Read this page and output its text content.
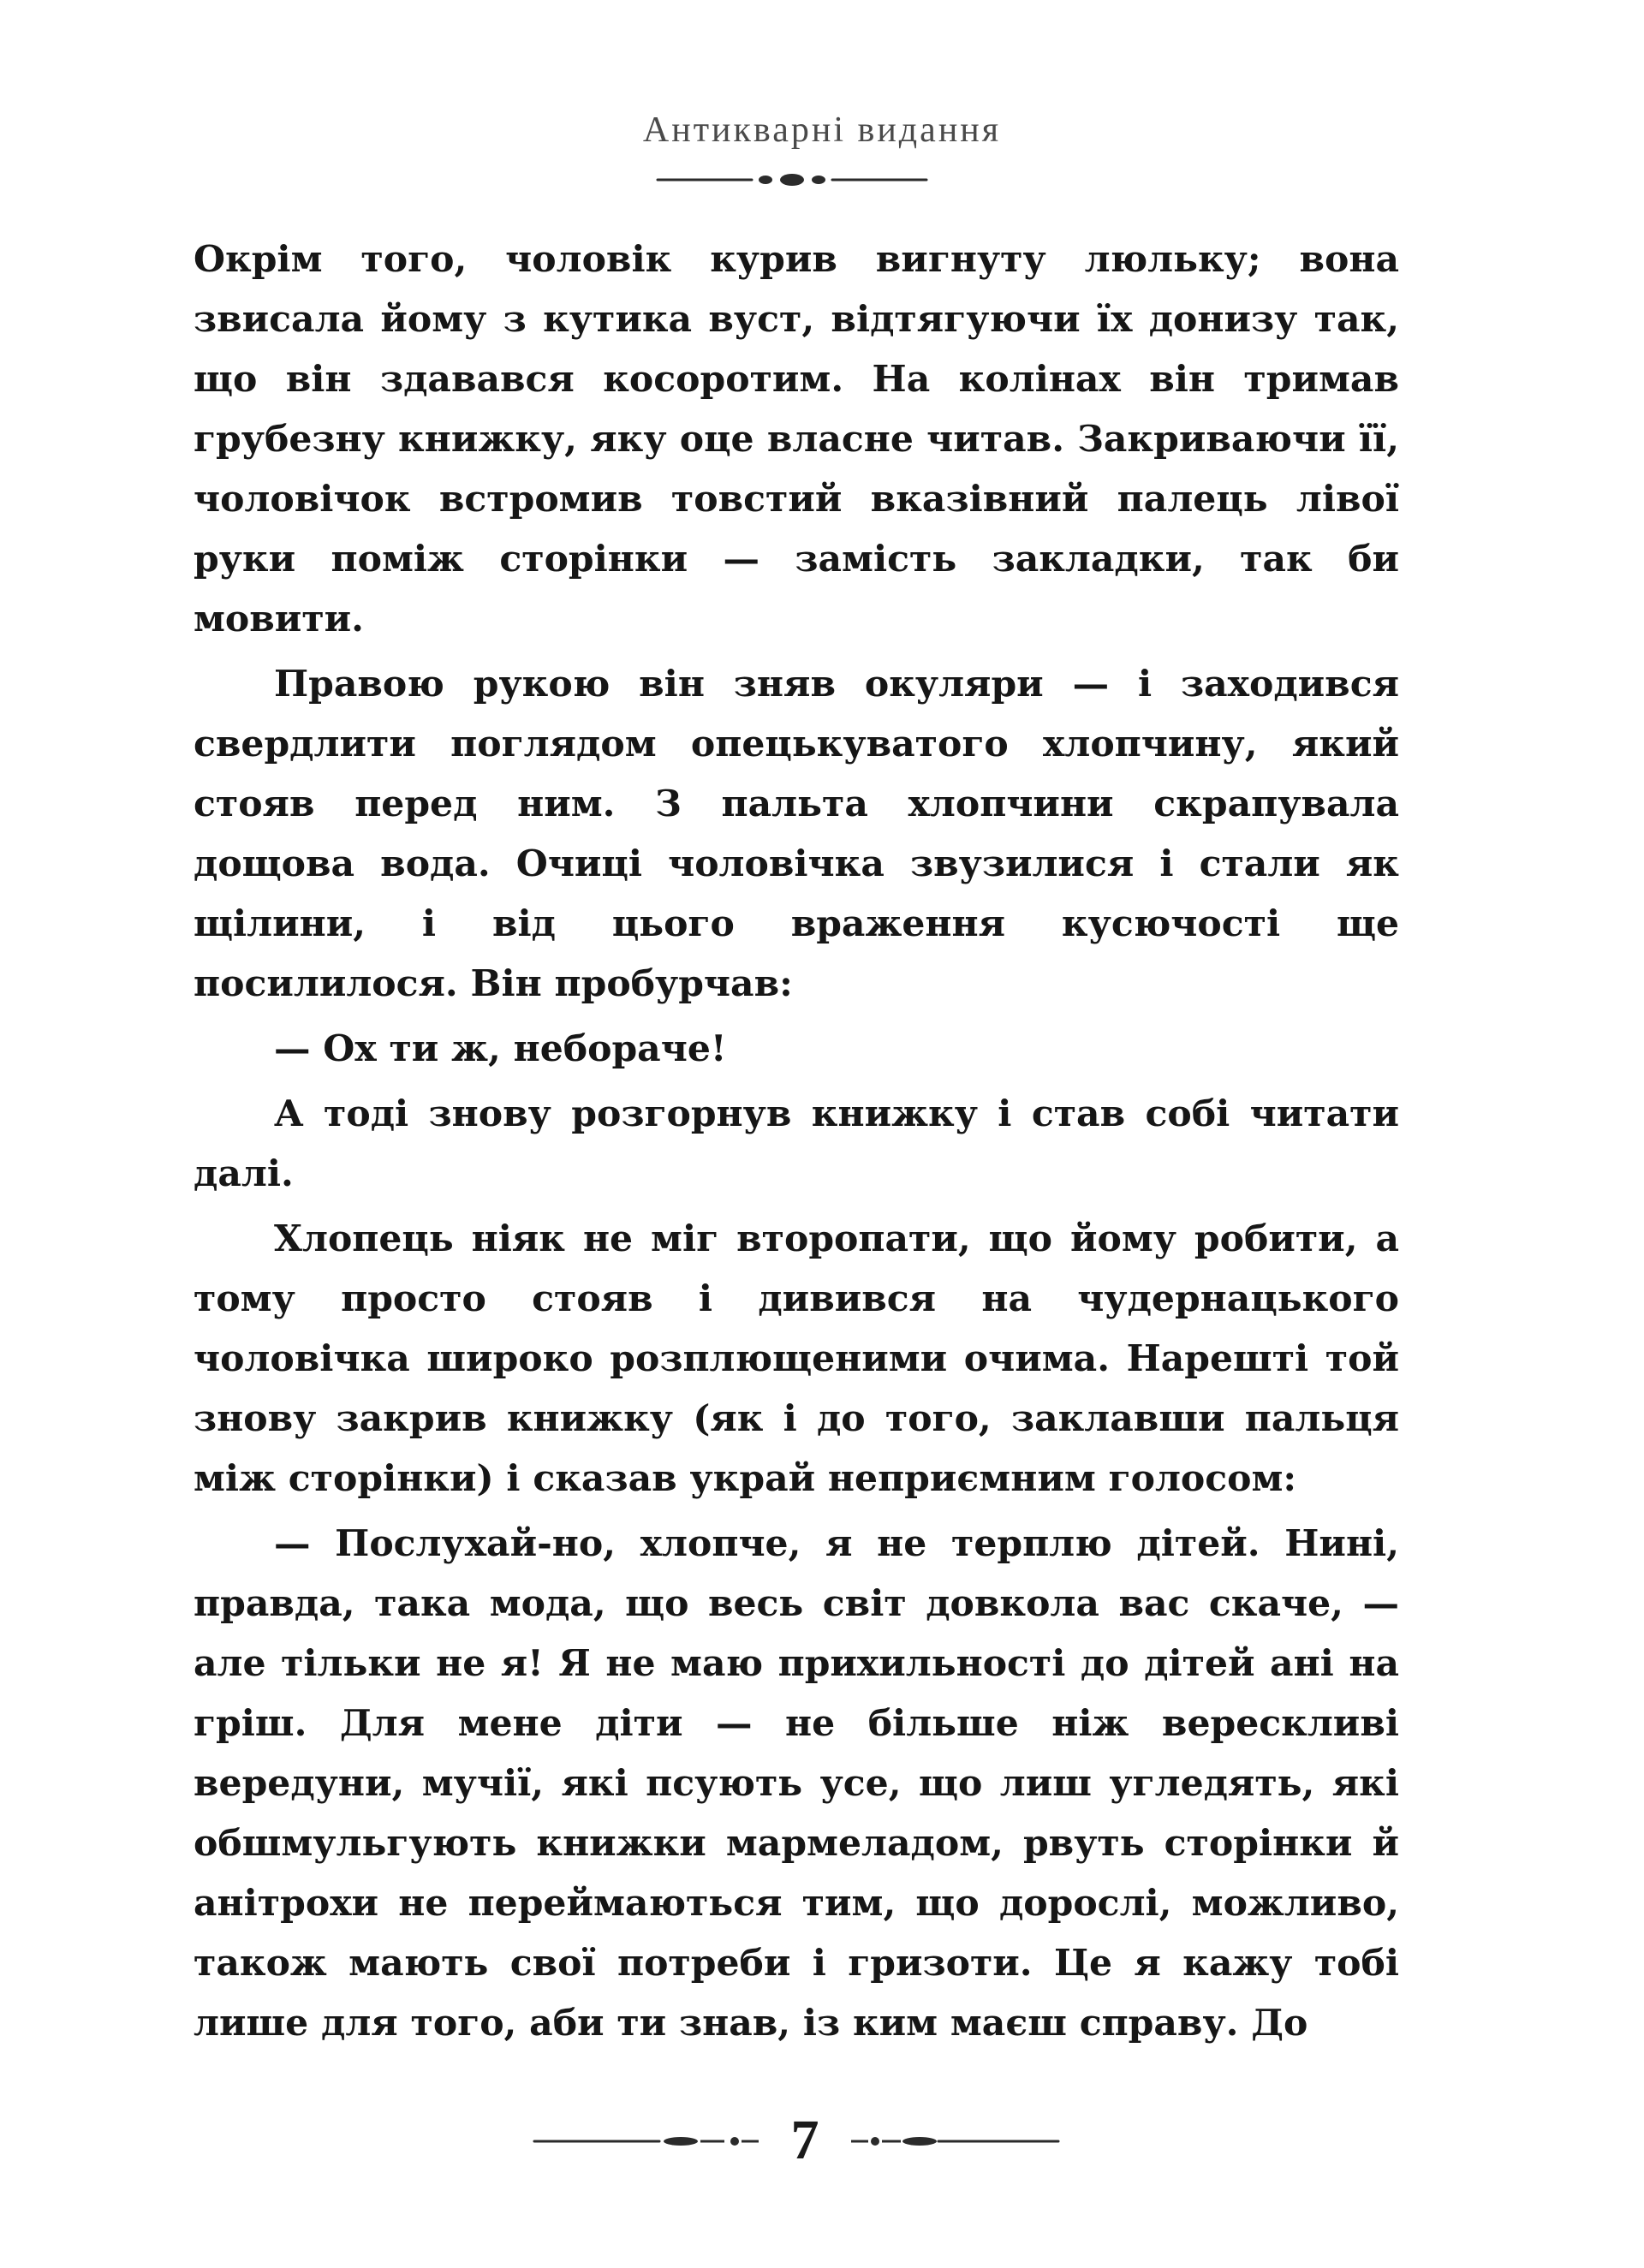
Антикварні видання

Окрім того, чоловік курив вигнуту люльку; вона звисала йому з кутика вуст, відтягуючи їх донизу так, що він здавався косоротим. На колінах він тримав грубезну книжку, яку оце власне читав. Закриваючи її, чоловічок встромив товстий вказівний палець лівої руки поміж сторінки — замість закладки, так би мовити.

Правою рукою він зняв окуляри — і заходився свердлити поглядом опецькуватого хлопчину, який стояв перед ним. З пальта хлопчини скрапувала дощова вода. Очиці чоловічка звузилися і стали як щілини, і від цього враження кусючості ще посилилося. Він пробурчав:

— Ох ти ж, небораче!

А тоді знову розгорнув книжку і став собі читати далі.

Хлопець ніяк не міг второпати, що йому робити, а тому просто стояв і дивився на чудернацького чоловічка широко розплющеними очима. Нарешті той знову закрив книжку (як і до того, заклавши пальця між сторінки) і сказав украй неприємним голосом:

— Послухай-но, хлопче, я не терплю дітей. Нині, правда, така мода, що весь світ довкола вас скаче, — але тільки не я! Я не маю прихильності до дітей ані на гріш. Для мене діти — не більше ніж верескливі вередуни, мучії, які псують усе, що лиш угледять, які обшмульгують книжки мармеладом, рвуть сторінки й анітрохи не переймаються тим, що дорослі, можливо, також мають свої потреби і гризоти. Це я кажу тобі лише для того, аби ти знав, із ким маєш справу. До

7
